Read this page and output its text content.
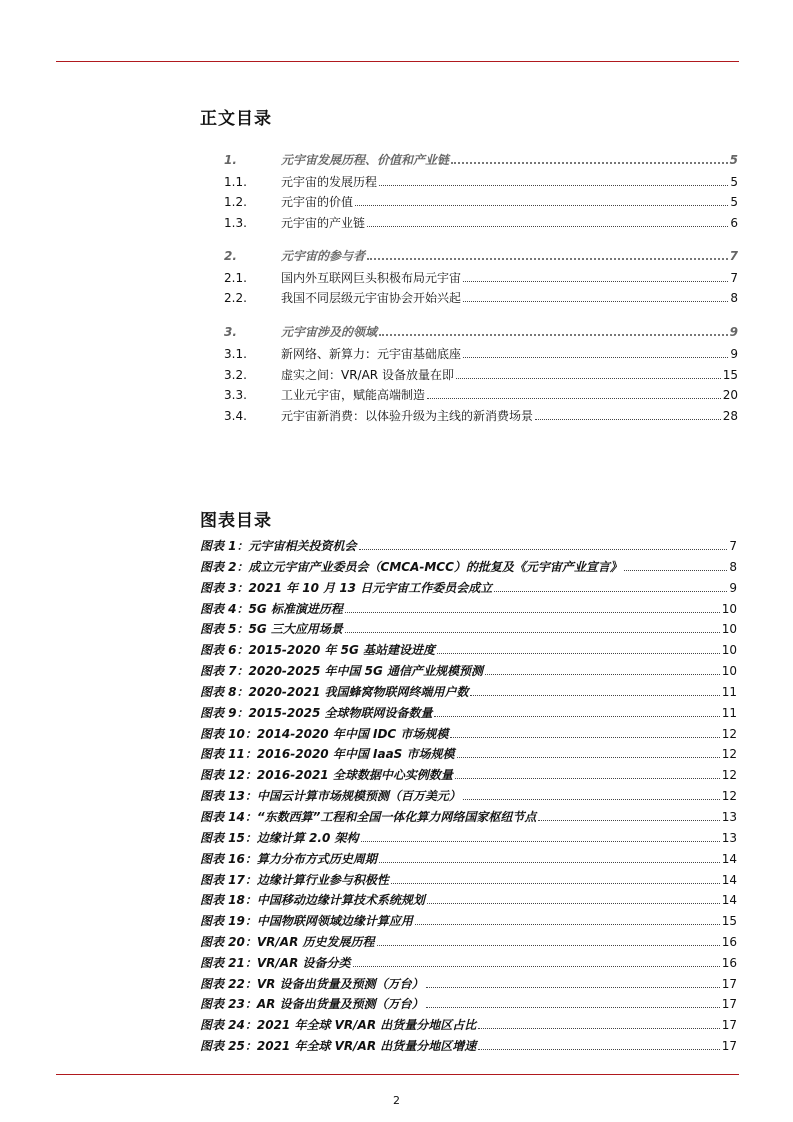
正文目录
1.	元宇宙发展历程、价值和产业链	5
1.1.	元宇宙的发展历程	5
1.2.	元宇宙的价值	5
1.3.	元宇宙的产业链	6
2.	元宇宙的参与者	7
2.1.	国内外互联网巨头积极布局元宇宙	7
2.2.	我国不同层级元宇宙协会开始兴起	8
3.	元宇宙涉及的领域	9
3.1.	新网络、新算力：元宇宙基础底座	9
3.2.	虚实之间：VR/AR 设备放量在即	15
3.3.	工业元宇宙，赋能高端制造	20
3.4.	元宇宙新消费：以体验升级为主线的新消费场景	28
图表目录
图表 1：元宇宙相关投资机会	7
图表 2：成立元宇宙产业委员会（CMCA-MCC）的批复及《元宇宙产业宣言》	8
图表 3：2021 年 10 月 13 日元宇宙工作委员会成立	9
图表 4：5G 标准演进历程	10
图表 5：5G 三大应用场景	10
图表 6：2015-2020 年 5G 基站建设进度	10
图表 7：2020-2025 年中国 5G 通信产业规模预测	10
图表 8：2020-2021 我国蜂窝物联网终端用户数	11
图表 9：2015-2025 全球物联网设备数量	11
图表 10：2014-2020 年中国 IDC 市场规模	12
图表 11：2016-2020 年中国 IaaS 市场规模	12
图表 12：2016-2021 全球数据中心实例数量	12
图表 13：中国云计算市场规模预测（百万美元）	12
图表 14：“东数西算”工程和全国一体化算力网络国家枢纽节点	13
图表 15：边缘计算 2.0 架构	13
图表 16：算力分布方式历史周期	14
图表 17：边缘计算行业参与积极性	14
图表 18：中国移动边缘计算技术系统规划	14
图表 19：中国物联网领域边缘计算应用	15
图表 20：VR/AR 历史发展历程	16
图表 21：VR/AR 设备分类	16
图表 22：VR 设备出货量及预测（万台）	17
图表 23：AR 设备出货量及预测（万台）	17
图表 24：2021 年全球 VR/AR 出货量分地区占比	17
图表 25：2021 年全球 VR/AR 出货量分地区增速	17
2
